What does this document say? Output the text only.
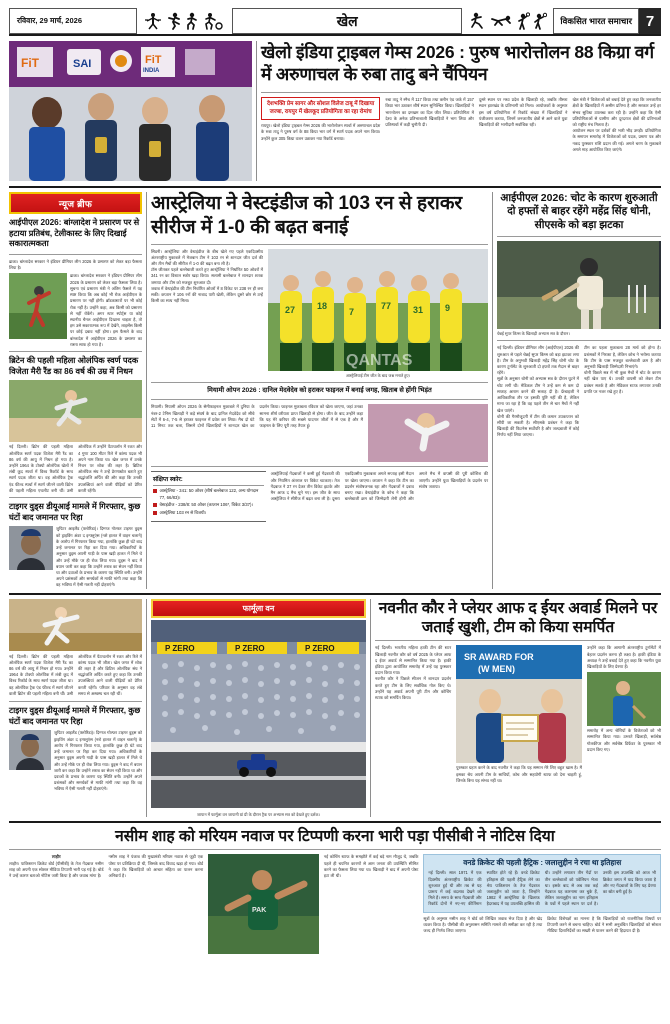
रविवार, 29 मार्च, 2026	खेल	विकसित भारत समाचार 7
FiT	SAI	FiT
INDIA
खेलो इंडिया ट्राइबल गेम्स 2026 : पुरुष भारोत्तोलन 88 किग्रा वर्ग में अरुणाचल के रुबा तादु बने चैंपियन
देशभक्ति प्रेम सागर और सोशल विलेज टाबू में दिखाया जज्बा, रायपुर में खेलकूद प्रतियोगिता का रहा रोमांच
रायपुर। खेलो इंडिया ट्राइबल गेम्स 2026 की भारोत्तोलन स्पर्धा में अरुणाचल प्रदेश के रुबा तादु ने पुरुष वर्ग के 88 किग्रा भार वर्ग में स्वर्ण पदक अपने नाम किया। उन्होंने कुल 305 किग्रा वजन उठाकर नया रिकॉर्ड बनाया।
रुबा तादु ने स्नैच में 117 किग्रा तथा क्लीन एंड जर्क में 157 किग्रा भार उठाकर शीर्ष स्थान सुनिश्चित किया। खिलाड़ियों ने भारत्तोलन का दमखम का दिल जीत लिया। प्रतियोगिता में देश्य के अनेक प्रतिभाशाली खिलाड़ियों ने भाग लिया और प्रतिस्पर्धा में कड़ी चुनौती दी।
दूसरे स्थान पर मध्य प्रदेश के खिलाड़ी रहे, जबकि तीसरा स्थान झारखंड के प्रतिभागी को मिला। आयोजकों के अनुसार इस वर्ष प्रतियोगिता में रिकॉर्ड संख्या में खिलाड़ियों ने पंजीकरण कराया, जिनमें जनजातीय क्षेत्रों से आने वाले युवा खिलाड़ियों की भागीदारी सर्वाधिक रही।
खेल मंत्री ने विजेताओं को बधाई देते हुए कहा कि जनजातीय क्षेत्रों के खिलाड़ियों में असीम प्रतिभा है और सरकार उन्हें हर संभव सुविधा उपलब्ध करा रही है। उन्होंने कहा कि ऐसी प्रतियोगिताओं से ग्रामीण और दूरदराज क्षेत्रों की प्रतिभाओं को राष्ट्रीय मंच मिलता है।
आयोजन स्थल पर दर्शकों की भारी भीड़ उमड़ी। प्रतियोगिता के समापन समारोह में विजेताओं को पदक, प्रमाण पत्र और नकद पुरस्कार राशि प्रदान की गई। अगले चरण के मुकाबले अगले माह आयोजित किए जाएंगे।
न्यूज ब्रीफ
आईपीएल 2026: बांग्लादेश ने प्रसारण पर से हटाया प्रतिबंध, टेलीकास्ट के लिए दिखाई सकारात्मकता
ढाका। बांग्लादेश सरकार ने इंडियन प्रीमियर लीग 2026 के प्रसारण को लेकर बड़ा फैसला लिया है।
ढाका। बांग्लादेश सरकार ने इंडियन प्रीमियर लीग 2026 के प्रसारण को लेकर बड़ा फैसला लिया है। सूचना एवं प्रसारण मंत्री ने अंतिम फैसले में यह स्पष्ट किया कि अब कोई भी रोक आईपीएल के प्रसारण पर नहीं होगी। ब्रॉडकास्टरों पर भी कोई रोक नहीं है। उन्होंने कहा, अब किसी को प्रसारण से नहीं रोकेंगे। अगर स्टार स्पोर्ट्स या कोई स्थानीय चैनल आईपीएल दिखाना चाहता है, तो हम उसे सकारात्मक रूप में देखेंगे, लाइसेंस किसी पर कोई दबाव नहीं होगा। इस फैसले के बाद बांग्लादेश में आईपीएल 2026 के प्रसारण का रास्ता साफ हो गया है।
ब्रिटेन की पहली महिला ओलंपिक स्वर्ण पदक विजेता मैरी रैंड का 86 वर्ष की उम्र में निधन
नई दिल्ली। ब्रिटेन की पहली महिला ओलंपिक स्वर्ण पदक विजेता मैरी रैंड का 86 वर्ष की आयु में निधन हो गया है। उन्होंने 1964 के टोक्यो ओलंपिक खेलों में लंबी कूद स्पर्धा में विश्व रिकॉर्ड के साथ स्वर्ण पदक जीता था। वह ओलंपिक ट्रैक एंड फील्ड स्पर्धा में स्वर्ण जीतने वाली ब्रिटेन की पहली महिला एथलीट बनी थीं। उसी ओलंपिक में उन्होंने पेंटाथलॉन में रजत और 4 गुणा 100 मीटर रिले में कांस्य पदक भी अपने नाम किया था। खेल जगत में उनके निधन पर शोक की लहर है। ब्रिटिश ओलंपिक संघ ने उन्हें प्रेरणास्रोत बताते हुए श्रद्धांजलि अर्पित की और कहा कि उनकी उपलब्धियां आने वाली पीढ़ियों को प्रेरित करती रहेंगी।
टाइगर वुड्स डीयूआई मामले में गिरफ्तार, कुछ घंटों बाद जमानत पर रिहा
जुपिटर आइलैंड (फ्लोरिडा)। दिग्गज गोल्फर टाइगर वुड्स को ड्राइविंग अंडर द इन्फ्लुएंस (नशे हालत में वाहन चलाने) के आरोप में गिरफ्तार किया गया, हालांकि कुछ ही घंटे बाद उन्हें जमानत पर रिहा कर दिया गया। अधिकारियों के अनुसार वुड्स अपनी गाड़ी के पास खड़ी हालत में मिले थे और उन्हें मौके पर ही रोक लिया गया। वुड्स ने बाद में बयान जारी कर कहा कि उन्होंने शराब का सेवन नहीं किया था और दवाओं के प्रभाव के कारण यह स्थिति बनी। उन्होंने अपने प्रशंसकों और समर्थकों से माफी मांगी तथा कहा कि वह भविष्य में ऐसी गलती नहीं दोहराएंगे।
आस्ट्रेलिया ने वेस्टइंडीज को 103 रन से हराकर सीरीज में 1-0 की बढ़त बनाई
सिडनी। आस्ट्रेलिया और वेस्टइंडीज के बीच खेले गए पहले एकदिवसीय अंतरराष्ट्रीय मुकाबले में मेजबान टीम ने 103 रन से शानदार जीत दर्ज की और तीन मैचों की सीरीज में 1-0 की बढ़त बना ली है।
टॉस जीतकर पहले बल्लेबाजी करते हुए आस्ट्रेलिया ने निर्धारित 50 ओवरों में 341 रन का विशाल स्कोर खड़ा किया। सलामी बल्लेबाज ने शानदार शतक जमाया और टीम को मजबूत शुरुआत दी।
जवाब में वेस्टइंडीज की टीम निर्धारित ओवरों में 8 विकेट पर 238 रन ही बना सकी। कप्तान ने 106 रनों की नाबाद पारी खेली, लेकिन दूसरे छोर से उन्हें किसी का साथ नहीं मिला।
27 18
7
77 31 9
QANTAS
आस्ट्रेलियाई टीम जीत के बाद जश्न मनाते हुए।
मियामी ओपन 2026 : दानिल मेदवेदेव को हराकर फाइनल में बनाई जगह, खिताब से होंगी भिड़ंत
मियामी। मियामी ओपन 2026 के सेमीफाइनल मुकाबले में दुनिया के नंबर-2 टेनिस खिलाड़ी ने कड़े संघर्ष के बाद दानिल मेदवेदेव को सीधे सेटों में 6-4, 7-5 से हराकर फाइनल में प्रवेश कर लिया। मैच दो घंटे 11 मिनट तक चला, जिसमें दोनों खिलाड़ियों ने शानदार खेल का प्रदर्शन किया। फाइनल मुकाबला रविवार को खेला जाएगा, जहां उनका सामना शीर्ष वरीयता प्राप्त खिलाड़ी से होगा। जीत के बाद उन्होंने कहा कि यह मेरे करियर की सबसे यादगार जीतों में से एक है और मैं फाइनल के लिए पूरी तरह तैयार हूं।
संक्षिप्त स्कोर:
आस्ट्रेलिया - 341: 50 ओवर (शीर्ष बल्लेबाज 122, अन्य योगदान 77, 66/83)।
वेस्टइंडीज - 238/8: 50 ओवर (कप्तान 106*, विकेट 3/37)।
आस्ट्रेलिया 103 रन से विजयी।
आस्ट्रेलियाई गेंदबाजों ने कसी हुई गेंदबाजी की और नियमित अंतराल पर विकेट चटकाए। तेज गेंदबाज ने 37 रन देकर तीन विकेट झटके और मैन आफ द मैच चुने गए। इस जीत के साथ आस्ट्रेलिया ने सीरीज में बढ़त बना ली है। दूसरा एकदिवसीय मुकाबला अगले सप्ताह इसी मैदान पर खेला जाएगा। कप्तान ने कहा कि टीम का प्रदर्शन संतोषजनक रहा और गेंदबाजों ने दबाव बनाए रखा। वेस्टइंडीज के कोच ने कहा कि बल्लेबाजी क्रम को जिम्मेदारी लेनी होगी और अगले मैच में वापसी की पूरी कोशिश की जाएगी। उन्होंने युवा खिलाड़ियों के प्रदर्शन पर संतोष जताया।
आईपीएल 2026: चोट के कारण शुरुआती दो हफ्तों से बाहर रहेंगे महेंद्र सिंह धोनी, सीएसके को बड़ा झटका
चेन्नई सुपर किंग्स के खिलाड़ी अभ्यास सत्र के दौरान।
नई दिल्ली। इंडियन प्रीमियर लीग (आईपीएल) 2026 की शुरुआत से पहले चेन्नई सुपर किंग्स को बड़ा झटका लगा है। टीम के अनुभवी खिलाड़ी महेंद्र सिंह धोनी चोट के कारण टूर्नामेंट के शुरुआती दो हफ्तों तक मैदान से बाहर रहेंगे।
सूत्रों के अनुसार धोनी को अभ्यास सत्र के दौरान घुटने में चोट लगी थी। मेडिकल टीम ने उन्हें कम से कम दो सप्ताह आराम करने की सलाह दी है। फ्रेंचाइजी ने आधिकारिक तौर पर इसकी पुष्टि नहीं की है, लेकिन माना जा रहा है कि वह पहले तीन से चार मैचों में नहीं खेल पाएंगे।
धोनी की गैरमौजूदगी में टीम की कमान उपकप्तान को सौंपी जा सकती है। सीएसके प्रबंधन ने कहा कि खिलाड़ी की फिटनेस सर्वोपरि है और जल्दबाजी में कोई निर्णय नहीं लिया जाएगा।
टीम का पहला मुकाबला 28 मार्च को होना है। प्रशंसकों में निराशा है, लेकिन कोच ने भरोसा जताया कि टीम के पास मजबूत बल्लेबाजी क्रम है और अनुभवी खिलाड़ी जिम्मेदारी निभाएंगे।
धोनी पिछले सत्र में भी कुछ मैचों में चोट के कारण नहीं खेल पाए थे। उनकी वापसी को लेकर टीम प्रबंधन सतर्क है और मेडिकल स्टाफ लगातार उनकी प्रगति पर नजर रखे हुए है।
नई दिल्ली। ब्रिटेन की पहली महिला ओलंपिक स्वर्ण पदक विजेता मैरी रैंड का 86 वर्ष की आयु में निधन हो गया। उन्होंने 1964 के टोक्यो ओलंपिक में लंबी कूद में विश्व रिकॉर्ड के साथ स्वर्ण पदक जीता था। वह ओलंपिक ट्रैक एंड फील्ड में स्वर्ण जीतने वाली ब्रिटेन की पहली महिला बनी थीं। उसी ओलंपिक में पेंटाथलॉन में रजत और रिले में कांस्य पदक भी जीता। खेल जगत में शोक की लहर है और ब्रिटिश ओलंपिक संघ ने श्रद्धांजलि अर्पित करते हुए कहा कि उनकी उपलब्धियां आने वाली पीढ़ियों को प्रेरित करती रहेंगी। परिवार के अनुसार वह लंबे समय से अस्वस्थ चल रही थीं।
टाइगर वुड्स डीयूआई मामले में गिरफ्तार, कुछ घंटों बाद जमानत पर रिहा
जुपिटर आइलैंड (फ्लोरिडा)। दिग्गज गोल्फर टाइगर वुड्स को ड्राइविंग अंडर द इन्फ्लुएंस (नशे हालत में वाहन चलाने) के आरोप में गिरफ्तार किया गया, हालांकि कुछ ही घंटे बाद उन्हें जमानत पर रिहा कर दिया गया। अधिकारियों के अनुसार वुड्स अपनी गाड़ी के पास खड़ी हालत में मिले थे और उन्हें मौके पर ही रोक लिया गया। वुड्स ने बाद में बयान जारी कर कहा कि उन्होंने शराब का सेवन नहीं किया था और दवाओं के प्रभाव के कारण यह स्थिति बनी। उन्होंने अपने प्रशंसकों और समर्थकों से माफी मांगी तथा कहा कि वह भविष्य में ऐसी गलती नहीं दोहराएंगे।
फार्मूला वन
P ZERO	P ZERO	P ZERO
जापान में फार्मूला वन जापानी ग्रां प्री के दौरान ट्रैक पर अभ्यास सत्र को देखते हुए दर्शक।
नवनीत कौर ने प्लेयर आफ द ईयर अवार्ड मिलने पर जताई खुशी, टीम को किया समर्पित
नई दिल्ली। भारतीय महिला हाकी टीम की स्टार खिलाड़ी नवनीत कौर को वर्ष 2025 के प्लेयर आफ द ईयर अवार्ड से सम्मानित किया गया है। हाकी इंडिया द्वारा आयोजित समारोह में उन्हें यह पुरस्कार प्रदान किया गया।
नवनीत कौर ने पिछले सीजन में शानदार प्रदर्शन करते हुए टीम के लिए सर्वाधिक गोल किए थे। उन्होंने यह अवार्ड अपनी पूरी टीम और कोचिंग स्टाफ को समर्पित किया।
SR AWARD FOR
(W MEN)
पुरस्कार ग्रहण करने के बाद नवनीत ने कहा कि यह सम्मान मेरे लिए बहुत खास है। मैं इसका श्रेय अपनी टीम के साथियों, कोच और सहयोगी स्टाफ को देना चाहती हूं, जिनके बिना यह संभव नहीं था।
उन्होंने कहा कि आगामी अंतरराष्ट्रीय टूर्नामेंटों में बेहतर प्रदर्शन करना ही लक्ष्य है। हाकी इंडिया के अध्यक्ष ने उन्हें बधाई देते हुए कहा कि नवनीत युवा खिलाड़ियों के लिए प्रेरणा हैं।
समारोह में अन्य श्रेणियों के विजेताओं को भी सम्मानित किया गया। उभरते खिलाड़ी, सर्वश्रेष्ठ गोलकीपर और सर्वश्रेष्ठ डिफेंडर के पुरस्कार भी प्रदान किए गए।
नसीम शाह को मरियम नवाज पर टिप्पणी करना भारी पड़ा पीसीबी ने नोटिस दिया
लाहौर
लाहौर। पाकिस्तान क्रिकेट बोर्ड (पीसीबी) के तेज गेंदबाज नसीम शाह को अपनी एक सोशल मीडिया टिप्पणी भारी पड़ गई है। बोर्ड ने उन्हें कारण बताओ नोटिस जारी किया है और जवाब मांगा है।
नसीम शाह ने पंजाब की मुख्यमंत्री मरियम नवाज से जुड़ी एक पोस्ट पर प्रतिक्रिया दी थी, जिसके बाद विवाद खड़ा हो गया। बोर्ड ने कहा कि खिलाड़ियों को आचार संहिता का पालन करना अनिवार्य है।
PAK
नई कोचिंग स्टाफ के समझौते में कई बड़े नाम मौजूद थे, जबकि पहले ही चयनित कारणों से आम जनता की उपस्थिति सीमित करने का फैसला लिया गया था। खिलाड़ी ने बाद में अपनी पोस्ट हटा ली थी।
वनडे क्रिकेट की पहली हैट्रिक : जलालुद्दीन ने रचा था इतिहास
नई दिल्ली। साल 1971 में एक दिवसीय अंतरराष्ट्रीय क्रिकेट की शुरुआत हुई थी और तब से यह प्रारूप में कई बदलाव देखने को मिले हैं। समय के साथ गेंदबाजी और रिकॉर्ड दोनों में नए-नए कीर्तिमान स्थापित होते रहे हैं। वनडे क्रिकेट इतिहास की पहली हैट्रिक लेने का श्रेय पाकिस्तान के तेज गेंदबाज जलालुद्दीन को जाता है, जिन्होंने 1982 में आस्ट्रेलिया के खिलाफ हैदराबाद में यह उपलब्धि हासिल की थी। उन्होंने लगातार तीन गेंदों पर तीन बल्लेबाजों को पवेलियन भेजा था। इसके बाद से अब तक कई गेंदबाज यह कारनामा कर चुके हैं, लेकिन जलालुद्दीन का नाम इतिहास के पन्नों में पहले स्थान पर दर्ज है। उनकी इस उपलब्धि को आज भी क्रिकेट जगत में याद किया जाता है और नए गेंदबाजों के लिए यह प्रेरणा का स्रोत बनी हुई है।
सूत्रों के अनुसार नसीम शाह ने बोर्ड को लिखित जवाब भेज दिया है और खेद व्यक्त किया है। पीसीबी की अनुशासन समिति मामले की समीक्षा कर रही है तथा जल्द ही निर्णय लिया जाएगा।
क्रिकेट विशेषज्ञों का मानना है कि खिलाड़ियों को राजनीतिक विषयों पर टिप्पणी करने से बचना चाहिए। बोर्ड ने सभी अनुबंधित खिलाड़ियों को सोशल मीडिया दिशानिर्देशों का सख्ती से पालन करने की हिदायत दी है।
